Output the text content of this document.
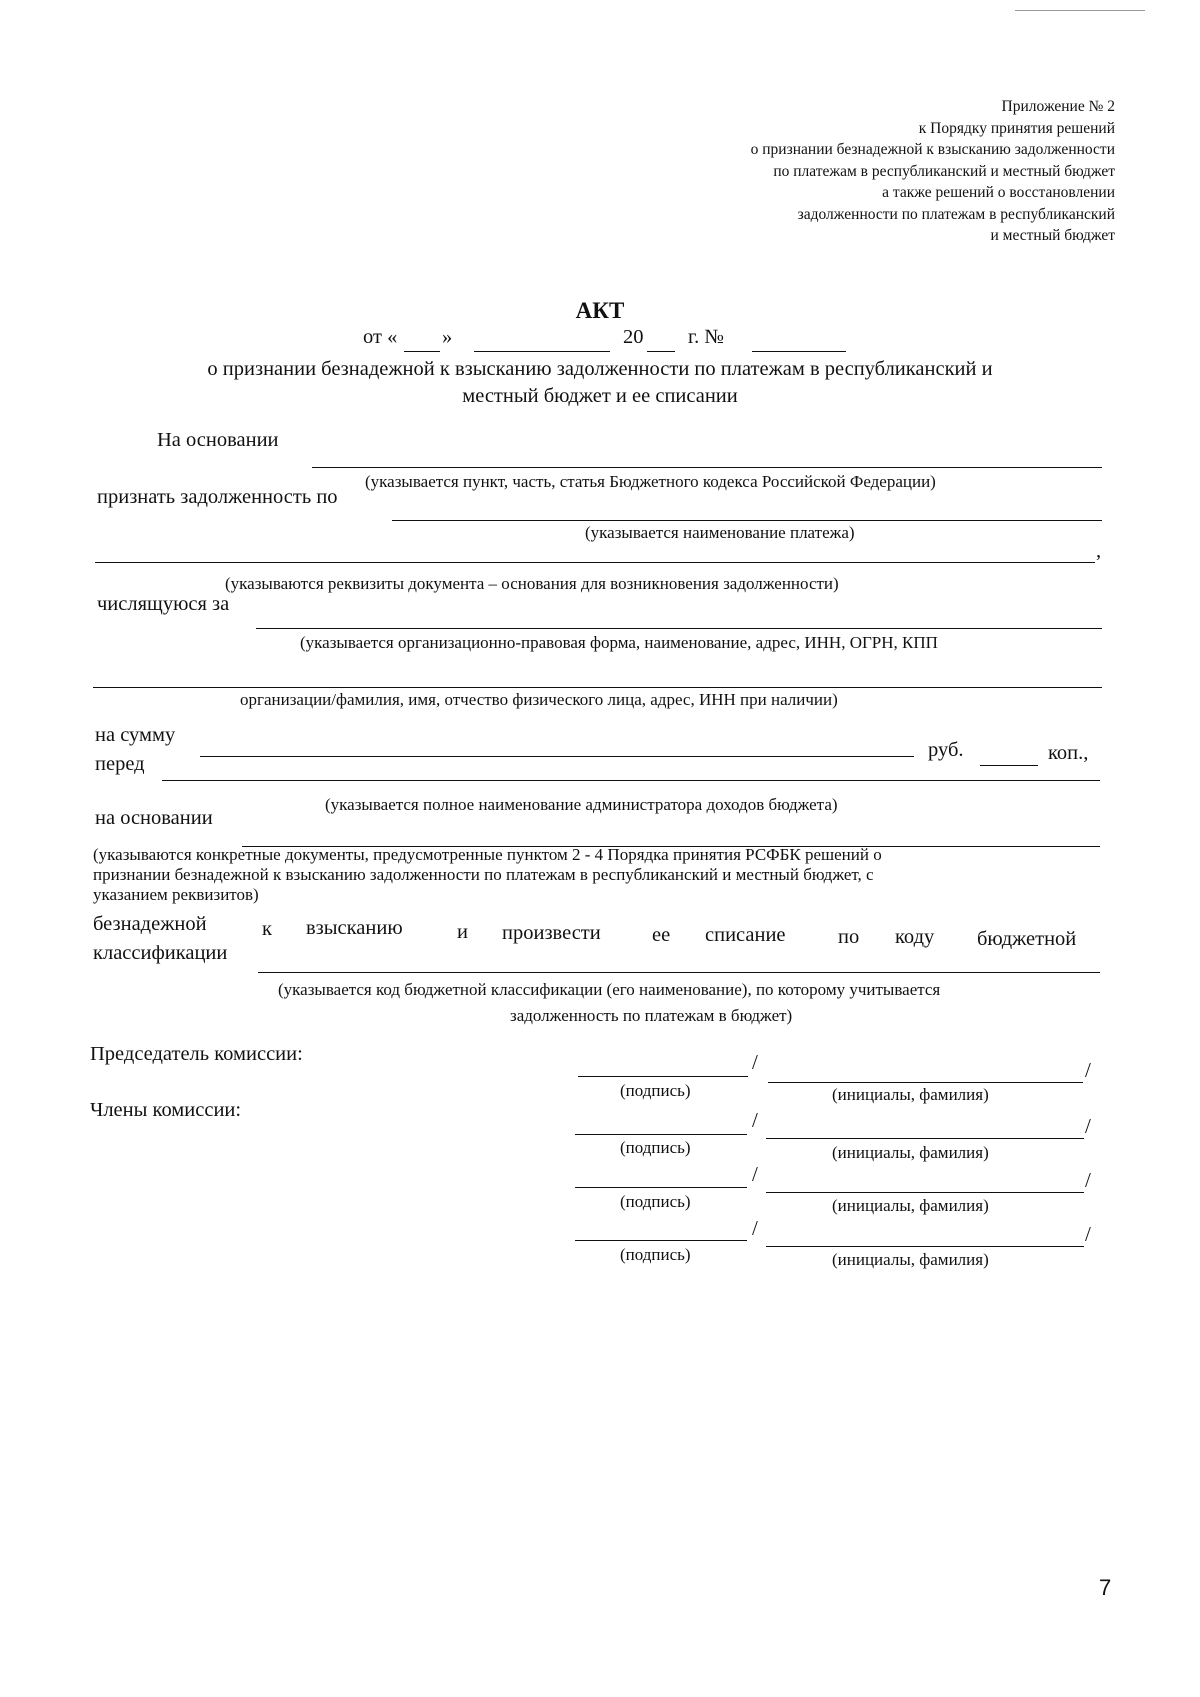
Приложение № 2
к Порядку принятия решений
о признании безнадежной к взысканию задолженности
по платежам в республиканский и местный бюджет
а также решений о восстановлении
задолженности по платежам в республиканский
и местный бюджет
АКТ
от « »	20 г. №
о признании безнадежной к взысканию задолженности по платежам в республиканский и
местный бюджет и ее списании
На основании
(указывается пункт, часть, статья Бюджетного кодекса Российской Федерации)
признать задолженность по
(указывается наименование платежа)
,
(указываются реквизиты документа – основания для возникновения задолженности)
числящуюся за
(указывается организационно-правовая форма, наименование, адрес, ИНН, ОГРН, КПП
организации/фамилия, имя, отчество физического лица, адрес, ИНН при наличии)
на сумму
руб.	коп.,
перед
(указывается полное наименование администратора доходов бюджета)
на основании
(указываются конкретные документы, предусмотренные пунктом 2 - 4 Порядка принятия РСФБК решений о
признании безнадежной к взысканию задолженности по платежам в республиканский и местный бюджет, с
указанием реквизитов)
безнадежной	к взысканию	и произвести	ее списание	по коду бюджетной
классификации
(указывается код бюджетной классификации (его наименование), по которому учитывается
задолженность по платежам в бюджет)
Председатель комиссии:
Члены комиссии:
/	/
(подпись)	(инициалы, фамилия)
/	/
(подпись)	(инициалы, фамилия)
/	/
(подпись)	(инициалы, фамилия)
/	/
(подпись)	(инициалы, фамилия)
7
